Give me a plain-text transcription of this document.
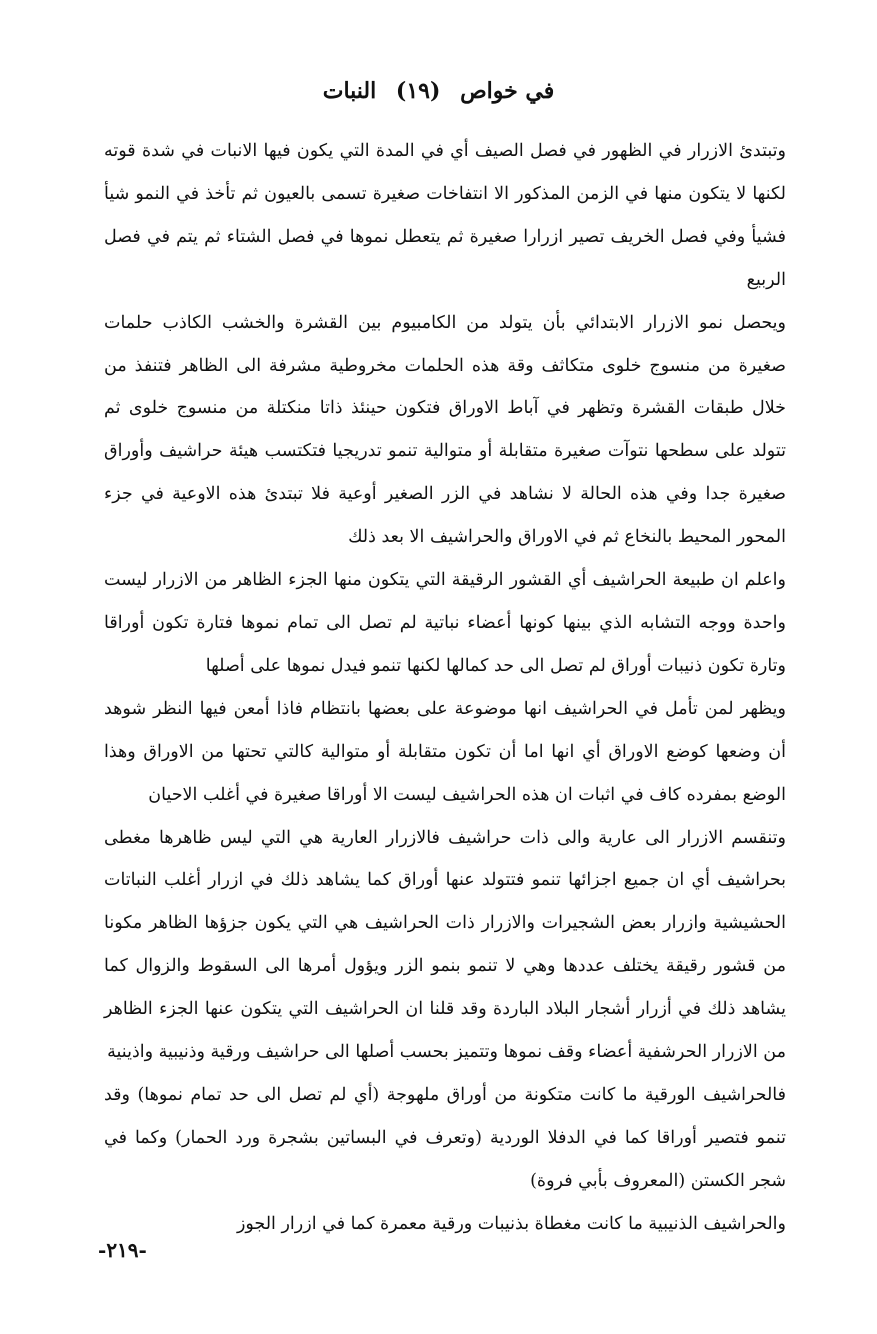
في خواص (١٩) النبات

وتبتدئ الازرار في الظهور في فصل الصيف أي في المدة التي يكون فيها الانبات في شدة قوته لكنها لا يتكون منها في الزمن المذكور الا انتفاخات صغيرة تسمى بالعيون ثم تأخذ في النمو شيأ فشيأ وفي فصل الخريف تصير ازرارا صغيرة ثم يتعطل نموها في فصل الشتاء ثم يتم في فصل الربيع

ويحصل نمو الازرار الابتدائي بأن يتولد من الكامبيوم بين القشرة والخشب الكاذب حلمات صغيرة من منسوج خلوى متكاثف وقة هذه الحلمات مخروطية مشرفة الى الظاهر فتنفذ من خلال طبقات القشرة وتظهر في آباط الاوراق فتكون حينئذ ذاتا منكتلة من منسوج خلوى ثم تتولد على سطحها نتوآت صغيرة متقابلة أو متوالية تنمو تدريجيا فتكتسب هيئة حراشيف وأوراق صغيرة جدا وفي هذه الحالة لا نشاهد في الزر الصغير أوعية فلا تبتدئ هذه الاوعية في جزء المحور المحيط بالنخاع ثم في الاوراق والحراشيف الا بعد ذلك

واعلم ان طبيعة الحراشيف أي القشور الرقيقة التي يتكون منها الجزء الظاهر من الازرار ليست واحدة ووجه التشابه الذي بينها كونها أعضاء نباتية لم تصل الى تمام نموها فتارة تكون أوراقا وتارة تكون ذنيبات أوراق لم تصل الى حد كمالها لكنها تنمو فيدل نموها على أصلها

ويظهر لمن تأمل في الحراشيف انها موضوعة على بعضها بانتظام فاذا أمعن فيها النظر شوهد أن وضعها كوضع الاوراق أي انها اما أن تكون متقابلة أو متوالية كالتي تحتها من الاوراق وهذا الوضع بمفرده كاف في اثبات ان هذه الحراشيف ليست الا أوراقا صغيرة في أغلب الاحيان

وتنقسم الازرار الى عارية والى ذات حراشيف فالازرار العارية هي التي ليس ظاهرها مغطى بحراشيف أي ان جميع اجزائها تنمو فتتولد عنها أوراق كما يشاهد ذلك في ازرار أغلب النباتات الحشيشية وازرار بعض الشجيرات والازرار ذات الحراشيف هي التي يكون جزؤها الظاهر مكونا من قشور رقيقة يختلف عددها وهي لا تنمو بنمو الزر ويؤول أمرها الى السقوط والزوال كما يشاهد ذلك في أزرار أشجار البلاد الباردة وقد قلنا ان الحراشيف التي يتكون عنها الجزء الظاهر من الازرار الحرشفية أعضاء وقف نموها وتتميز بحسب أصلها الى حراشيف ورقية وذنيبية واذينية

فالحراشيف الورقية ما كانت متكونة من أوراق ملهوجة (أي لم تصل الى حد تمام نموها) وقد تنمو فتصير أوراقا كما في الدفلا الوردية (وتعرف في البساتين بشجرة ورد الحمار) وكما في شجر الكستن (المعروف بأبي فروة)

والحراشيف الذنيبية ما كانت مغطاة بذنيبات ورقية معمرة كما في ازرار الجوز

-٢١٩-
